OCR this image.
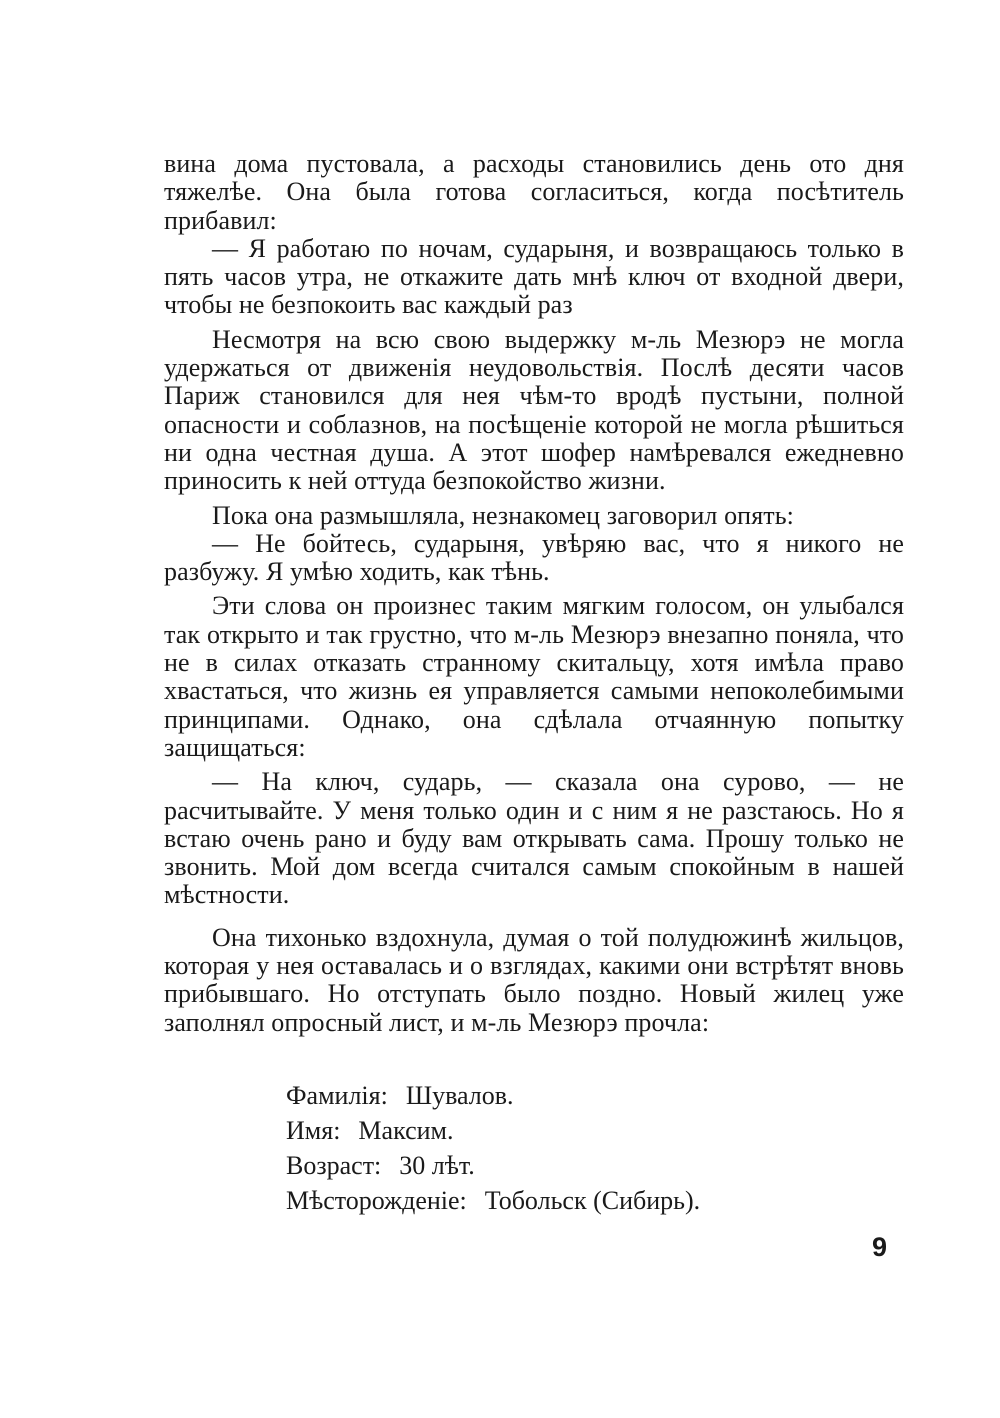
вина дома пустовала, а расходы становились день ото дня тяжелѣе. Она была готова согласиться, когда посѣтитель прибавил:

— Я работаю по ночам, сударыня, и возвращаюсь только в пять часов утра, не откажите дать мнѣ ключ от входной двери, чтобы не безпокоить вас каждый раз

Несмотря на всю свою выдержку м-ль Мезюрэ не могла удержаться от движенія неудовольствія. Послѣ десяти часов Париж становился для нея чѣм-то вродѣ пустыни, полной опасности и соблазнов, на посѣщеніе которой не могла рѣшиться ни одна честная душа. А этот шофер намѣревался ежедневно приносить к ней оттуда безпокойство жизни.

Пока она размышляла, незнакомец заговорил опять:

— Не бойтесь, сударыня, увѣряю вас, что я никого не разбужу. Я умѣю ходить, как тѣнь.

Эти слова он произнес таким мягким голосом, он улыбался так открыто и так грустно, что м-ль Мезюрэ внезапно поняла, что не в силах отказать странному скитальцу, хотя имѣла право хвастаться, что жизнь ея управляется самыми непоколебимыми принципами. Однако, она сдѣлала отчаянную попытку защищаться:

— На ключ, сударь, — сказала она сурово, — не расчитывайте. У меня только один и с ним я не разстаюсь. Но я встаю очень рано и буду вам открывать сама. Прошу только не звонить. Мой дом всегда считался самым спокойным в нашей мѣстности.

Она тихонько вздохнула, думая о той полудюжинѣ жильцов, которая у нея оставалась и о взглядах, какими они встрѣтят вновь прибывшаго. Но отступать было поздно. Новый жилец уже заполнял опросный лист, и м-ль Мезюрэ прочла:

Фамилія: Шувалов.
Имя: Максим.
Возраст: 30 лѣт.
Мѣсторожденіе: Тобольск (Сибирь).
9
